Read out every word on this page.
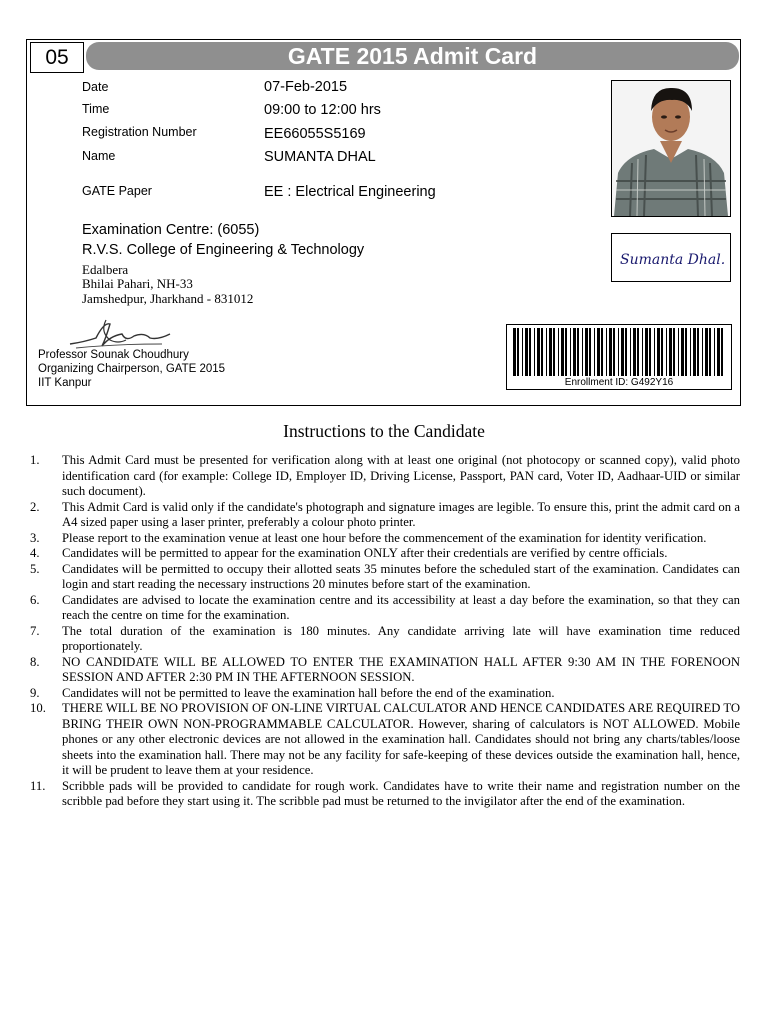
05	GATE 2015 Admit Card
Date	07-Feb-2015
Time	09:00 to 12:00 hrs
Registration Number	EE66055S5169
Name	SUMANTA DHAL
GATE Paper	EE : Electrical Engineering
Examination Centre: (6055)
R.V.S. College of Engineering & Technology
Edalbera
Bhilai Pahari, NH-33
Jamshedpur, Jharkhand - 831012
Sumanta Dhal.
Professor Sounak Choudhury
Organizing Chairperson, GATE 2015
IIT Kanpur	Enrollment ID: G492Y16
Instructions to the Candidate
1. This Admit Card must be presented for verification along with at least one original (not photocopy or scanned copy), valid photo identification card (for example: College ID, Employer ID, Driving License, Passport, PAN card, Voter ID, Aadhaar-UID or similar such document).
2. This Admit Card is valid only if the candidate's photograph and signature images are legible. To ensure this, print the admit card on a A4 sized paper using a laser printer, preferably a colour photo printer.
3. Please report to the examination venue at least one hour before the commencement of the examination for identity verification.
4. Candidates will be permitted to appear for the examination ONLY after their credentials are verified by centre officials.
5. Candidates will be permitted to occupy their allotted seats 35 minutes before the scheduled start of the examination. Candidates can login and start reading the necessary instructions 20 minutes before start of the examination.
6. Candidates are advised to locate the examination centre and its accessibility at least a day before the examination, so that they can reach the centre on time for the examination.
7. The total duration of the examination is 180 minutes. Any candidate arriving late will have examination time reduced proportionately.
8. NO CANDIDATE WILL BE ALLOWED TO ENTER THE EXAMINATION HALL AFTER 9:30 AM IN THE FORENOON SESSION AND AFTER 2:30 PM IN THE AFTERNOON SESSION.
9. Candidates will not be permitted to leave the examination hall before the end of the examination.
10. THERE WILL BE NO PROVISION OF ON-LINE VIRTUAL CALCULATOR AND HENCE CANDIDATES ARE REQUIRED TO BRING THEIR OWN NON-PROGRAMMABLE CALCULATOR. However, sharing of calculators is NOT ALLOWED. Mobile phones or any other electronic devices are not allowed in the examination hall. Candidates should not bring any charts/tables/loose sheets into the examination hall. There may not be any facility for safe-keeping of these devices outside the examination hall, hence, it will be prudent to leave them at your residence.
11. Scribble pads will be provided to candidate for rough work. Candidates have to write their name and registration number on the scribble pad before they start using it. The scribble pad must be returned to the invigilator after the end of the examination.
